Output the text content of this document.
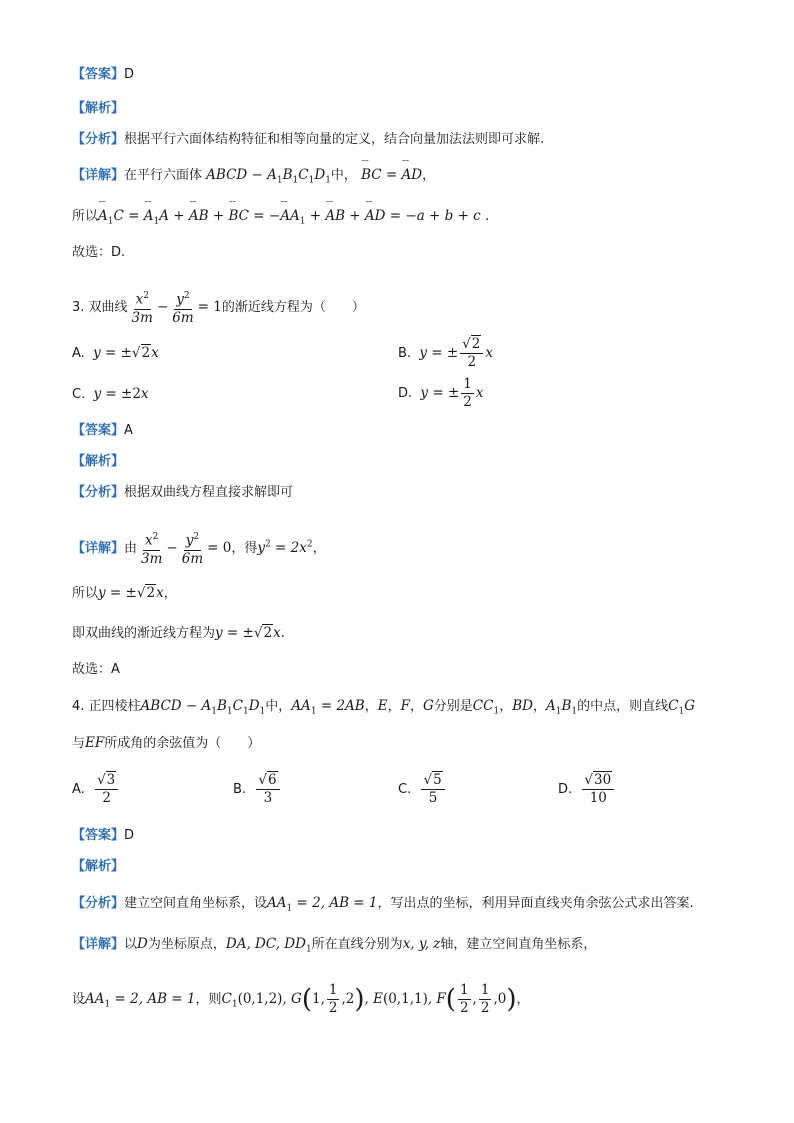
【答案】D
【解析】
【分析】根据平行六面体结构特征和相等向量的定义，结合向量加法法则即可求解.
【详解】在平行六面体 ABCD − $A_1B_1C_1D_1$中， ˜˜ BC = ˜˜ AD，
所以˜˜ $A_1C$ = ˜˜ $A_1A$ + ˜˜ AB + ˜˜ BC = −˜˜ $AA_1$ + ˜˜ AB + ˜˜ AD = −a + b + c .
故选：D.
3. 双曲线 $\frac{x^2}{3m} - \frac{y^2}{6m} = 1$的渐近线方程为（　　）
A. y = ±√2x	B. y = ± $\frac{√2}{2}$ x
C. y = ±2x	D. y = ± $\frac{1}{2}$ x
【答案】A
【解析】
【分析】根据双曲线方程直接求解即可
【详解】由 $\frac{x^2}{3m} - \frac{y^2}{6m} = 0$，得$y^2 = 2x^2$，
所以y = ±√2x，
即双曲线的渐近线方程为y = ±√2x.
故选：A
4. 正四棱柱ABCD − $A_1B_1C_1D_1$中，$AA_1 = 2AB$，E，F，G分别是$CC_1$，BD，$A_1B_1$的中点，则直线$C_1G$
与EF所成角的余弦值为（　　）
A. $\frac{√3}{2}$	B. $\frac{√6}{3}$	C. $\frac{√5}{5}$	D. $\frac{√30}{10}$
【答案】D
【解析】
【分析】建立空间直角坐标系，设$AA_1 = 2$, AB = 1，写出点的坐标，利用异面直线夹角余弦公式求出答案.
【详解】以D为坐标原点，DA, DC, $DD_1$所在直线分别为x, y, z轴，建立空间直角坐标系，
设$AA_1 = 2$, AB = 1，则$C_1(0,1,2)$, G(1, $\frac{1}{2} ,2$), E(0,1,1), $F( \frac{1}{2}$ , $\frac{1}{2} ,0$)，
